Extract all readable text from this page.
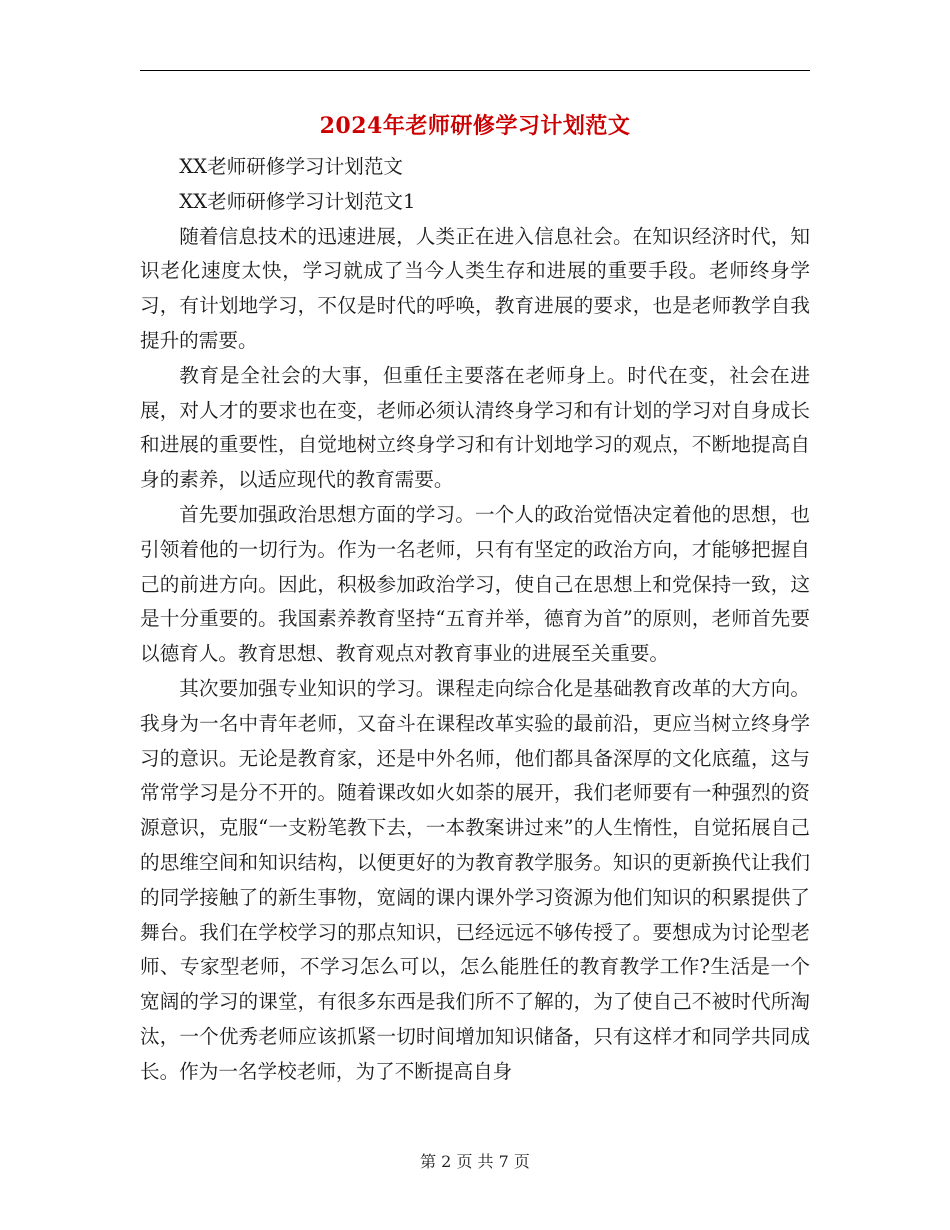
2024年老师研修学习计划范文

XX老师研修学习计划范文

XX老师研修学习计划范文1

随着信息技术的迅速进展，人类正在进入信息社会。在知识经济时代，知识老化速度太快，学习就成了当今人类生存和进展的重要手段。老师终身学习，有计划地学习，不仅是时代的呼唤，教育进展的要求，也是老师教学自我提升的需要。

教育是全社会的大事，但重任主要落在老师身上。时代在变，社会在进展，对人才的要求也在变，老师必须认清终身学习和有计划的学习对自身成长和进展的重要性，自觉地树立终身学习和有计划地学习的观点，不断地提高自身的素养，以适应现代的教育需要。

首先要加强政治思想方面的学习。一个人的政治觉悟决定着他的思想，也引领着他的一切行为。作为一名老师，只有有坚定的政治方向，才能够把握自己的前进方向。因此，积极参加政治学习，使自己在思想上和党保持一致，这是十分重要的。我国素养教育坚持“五育并举，德育为首”的原则，老师首先要以德育人。教育思想、教育观点对教育事业的进展至关重要。

其次要加强专业知识的学习。课程走向综合化是基础教育改革的大方向。我身为一名中青年老师，又奋斗在课程改革实验的最前沿，更应当树立终身学习的意识。无论是教育家，还是中外名师，他们都具备深厚的文化底蕴，这与常常学习是分不开的。随着课改如火如荼的展开，我们老师要有一种强烈的资源意识，克服“一支粉笔教下去，一本教案讲过来”的人生惰性，自觉拓展自己的思维空间和知识结构，以便更好的为教育教学服务。知识的更新换代让我们的同学接触了的新生事物，宽阔的课内课外学习资源为他们知识的积累提供了舞台。我们在学校学习的那点知识，已经远远不够传授了。要想成为讨论型老师、专家型老师，不学习怎么可以，怎么能胜任的教育教学工作?生活是一个宽阔的学习的课堂，有很多东西是我们所不了解的，为了使自己不被时代所淘汰，一个优秀老师应该抓紧一切时间增加知识储备，只有这样才和同学共同成长。作为一名学校老师，为了不断提高自身

第 2 页 共 7 页
